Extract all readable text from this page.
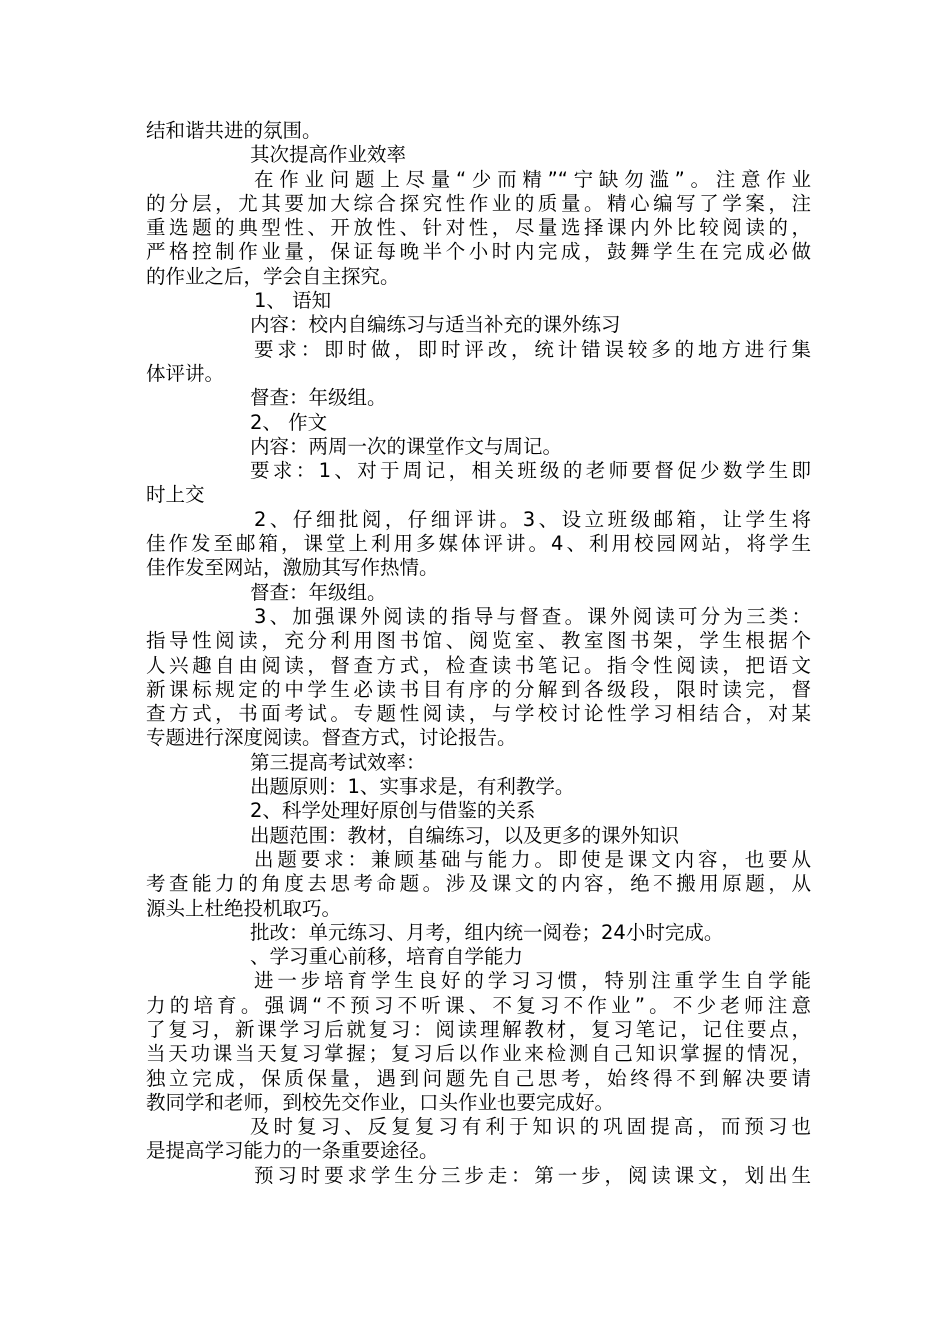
结和谐共进的氛围。
其次提高作业效率
在作业问题上尽量“少而精”“宁缺勿滥”。注意作业
的分层，尤其要加大综合探究性作业的质量。精心编写了学案，注
重选题的典型性、开放性、针对性，尽量选择课内外比较阅读的，
严格控制作业量，保证每晚半个小时内完成，鼓舞学生在完成必做
的作业之后，学会自主探究。
1、 语知
内容：校内自编练习与适当补充的课外练习
要求：即时做，即时评改，统计错误较多的地方进行集
体评讲。
督查：年级组。
2、 作文
内容：两周一次的课堂作文与周记。
要求：1、对于周记，相关班级的老师要督促少数学生即
时上交
2、仔细批阅，仔细评讲。3、设立班级邮箱，让学生将
佳作发至邮箱，课堂上利用多媒体评讲。4、利用校园网站，将学生
佳作发至网站，激励其写作热情。
督查：年级组。
3、加强课外阅读的指导与督查。课外阅读可分为三类：
指导性阅读，充分利用图书馆、阅览室、教室图书架，学生根据个
人兴趣自由阅读，督查方式，检查读书笔记。指令性阅读，把语文
新课标规定的中学生必读书目有序的分解到各级段，限时读完，督
查方式，书面考试。专题性阅读，与学校讨论性学习相结合，对某
专题进行深度阅读。督查方式，讨论报告。
第三提高考试效率：
出题原则：1、实事求是，有利教学。
2、科学处理好原创与借鉴的关系
出题范围：教材，自编练习，以及更多的课外知识
出题要求：兼顾基础与能力。即使是课文内容，也要从
考查能力的角度去思考命题。涉及课文的内容，绝不搬用原题，从
源头上杜绝投机取巧。
批改：单元练习、月考，组内统一阅卷；24小时完成。
、学习重心前移，培育自学能力
进一步培育学生良好的学习习惯，特别注重学生自学能
力的培育。强调“不预习不听课、不复习不作业”。不少老师注意
了复习，新课学习后就复习：阅读理解教材，复习笔记，记住要点，
当天功课当天复习掌握；复习后以作业来检测自己知识掌握的情况，
独立完成，保质保量，遇到问题先自己思考，始终得不到解决要请
教同学和老师，到校先交作业，口头作业也要完成好。
及时复习、反复复习有利于知识的巩固提高，而预习也
是提高学习能力的一条重要途径。
预习时要求学生分三步走：第一步，阅读课文，划出生
